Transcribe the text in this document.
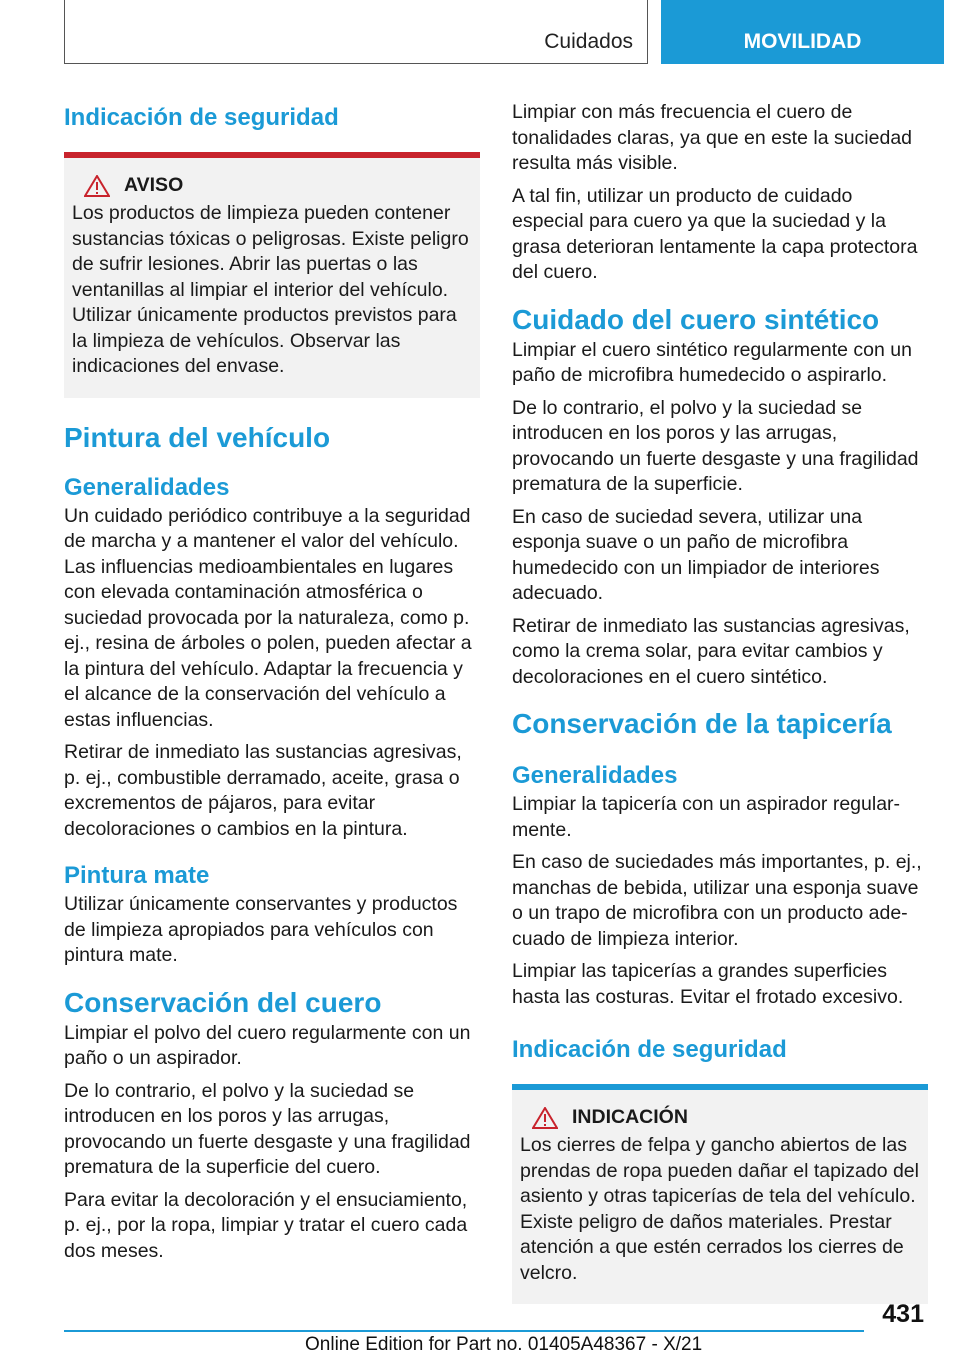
Cuidados	MOVILIDAD
Indicación de seguridad
AVISO

Los productos de limpieza pueden contener sustancias tóxicas o peligrosas. Existe peligro de sufrir lesiones. Abrir las puertas o las ventanillas al limpiar el interior del vehículo. Utilizar únicamente productos previstos para la limpieza de vehículos. Observar las indicaciones del envase.

Pintura del vehículo
Generalidades

Un cuidado periódico contribuye a la seguridad de marcha y a mantener el valor del vehículo. Las influencias medioambientales en lugares con elevada contaminación atmosférica o suciedad provocada por la naturaleza, como p. ej., resina de árboles o polen, pueden afectar a la pintura del vehículo. Adaptar la frecuencia y el alcance de la conservación del vehículo a estas influencias.

Retirar de inmediato las sustancias agresivas, p. ej., combustible derramado, aceite, grasa o excrementos de pájaros, para evitar decoloraciones o cambios en la pintura.

Pintura mate

Utilizar únicamente conservantes y productos de limpieza apropiados para vehículos con pintura mate.

Conservación del cuero

Limpiar el polvo del cuero regularmente con un paño o un aspirador.

De lo contrario, el polvo y la suciedad se introducen en los poros y las arrugas, provocando un fuerte desgaste y una fragilidad prematura de la superficie del cuero.

Para evitar la decoloración y el ensuciamiento, p. ej., por la ropa, limpiar y tratar el cuero cada dos meses.

Limpiar con más frecuencia el cuero de tonalidades claras, ya que en este la suciedad resulta más visible.

A tal fin, utilizar un producto de cuidado especial para cuero ya que la suciedad y la grasa deterioran lentamente la capa protectora del cuero.

Cuidado del cuero sintético

Limpiar el cuero sintético regularmente con un paño de microfibra humedecido o aspirarlo.

De lo contrario, el polvo y la suciedad se introducen en los poros y las arrugas, provocando un fuerte desgaste y una fragilidad prematura de la superficie.

En caso de suciedad severa, utilizar una esponja suave o un paño de microfibra humedecido con un limpiador de interiores adecuado.

Retirar de inmediato las sustancias agresivas, como la crema solar, para evitar cambios y decoloraciones en el cuero sintético.

Conservación de la tapicería
Generalidades

Limpiar la tapicería con un aspirador regularmente.

En caso de suciedades más importantes, p. ej., manchas de bebida, utilizar una esponja suave o un trapo de microfibra con un producto adecuado de limpieza interior.

Limpiar las tapicerías a grandes superficies hasta las costuras. Evitar el frotado excesivo.

Indicación de seguridad
INDICACIÓN

Los cierres de felpa y gancho abiertos de las prendas de ropa pueden dañar el tapizado del asiento y otras tapicerías de tela del vehículo. Existe peligro de daños materiales. Prestar atención a que estén cerrados los cierres de velcro.

431
Online Edition for Part no. 01405A48367 - X/21
